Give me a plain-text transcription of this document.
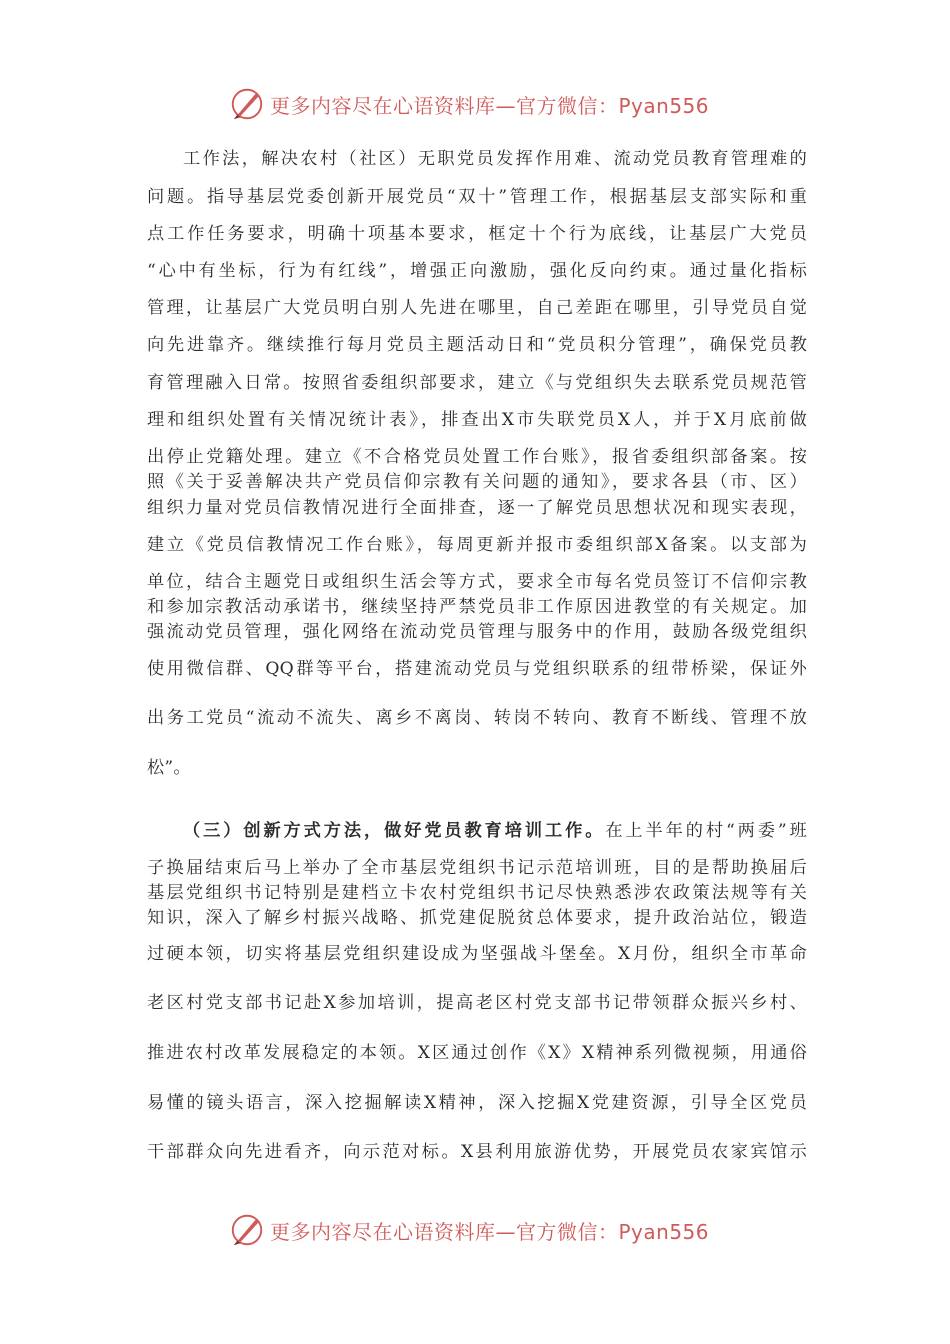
更多内容尽在心语资料库—官方微信：Pyan556
工作法，解决农村（社区）无职党员发挥作用难、流动党员教育管理难的
问题。指导基层党委创新开展党员“双十”管理工作，根据基层支部实际和重
点工作任务要求，明确十项基本要求，框定十个行为底线，让基层广大党员
“心中有坐标，行为有红线”，增强正向激励，强化反向约束。通过量化指标
管理，让基层广大党员明白别人先进在哪里，自己差距在哪里，引导党员自觉
向先进靠齐。继续推行每月党员主题活动日和“党员积分管理”，确保党员教
育管理融入日常。按照省委组织部要求，建立《与党组织失去联系党员规范管
理和组织处置有关情况统计表》，排查出X市失联党员X人，并于X月底前做
出停止党籍处理。建立《不合格党员处置工作台账》，报省委组织部备案。按
照《关于妥善解决共产党员信仰宗教有关问题的通知》，要求各县（市、区）
组织力量对党员信教情况进行全面排查，逐一了解党员思想状况和现实表现，
建立《党员信教情况工作台账》，每周更新并报市委组织部X备案。以支部为
单位，结合主题党日或组织生活会等方式，要求全市每名党员签订不信仰宗教
和参加宗教活动承诺书，继续坚持严禁党员非工作原因进教堂的有关规定。加
强流动党员管理，强化网络在流动党员管理与服务中的作用，鼓励各级党组织
使用微信群、QQ群等平台，搭建流动党员与党组织联系的纽带桥梁，保证外
出务工党员“流动不流失、离乡不离岗、转岗不转向、教育不断线、管理不放
松”。
（三）创新方式方法，做好党员教育培训工作。在上半年的村“两委”班
子换届结束后马上举办了全市基层党组织书记示范培训班，目的是帮助换届后
基层党组织书记特别是建档立卡农村党组织书记尽快熟悉涉农政策法规等有关
知识，深入了解乡村振兴战略、抓党建促脱贫总体要求，提升政治站位，锻造
过硬本领，切实将基层党组织建设成为坚强战斗堡垒。X月份，组织全市革命
老区村党支部书记赴X参加培训，提高老区村党支部书记带领群众振兴乡村、
推进农村改革发展稳定的本领。X区通过创作《X》X精神系列微视频，用通俗
易懂的镜头语言，深入挖掘解读X精神，深入挖掘X党建资源，引导全区党员
干部群众向先进看齐，向示范对标。X县利用旅游优势，开展党员农家宾馆示
更多内容尽在心语资料库—官方微信：Pyan556
